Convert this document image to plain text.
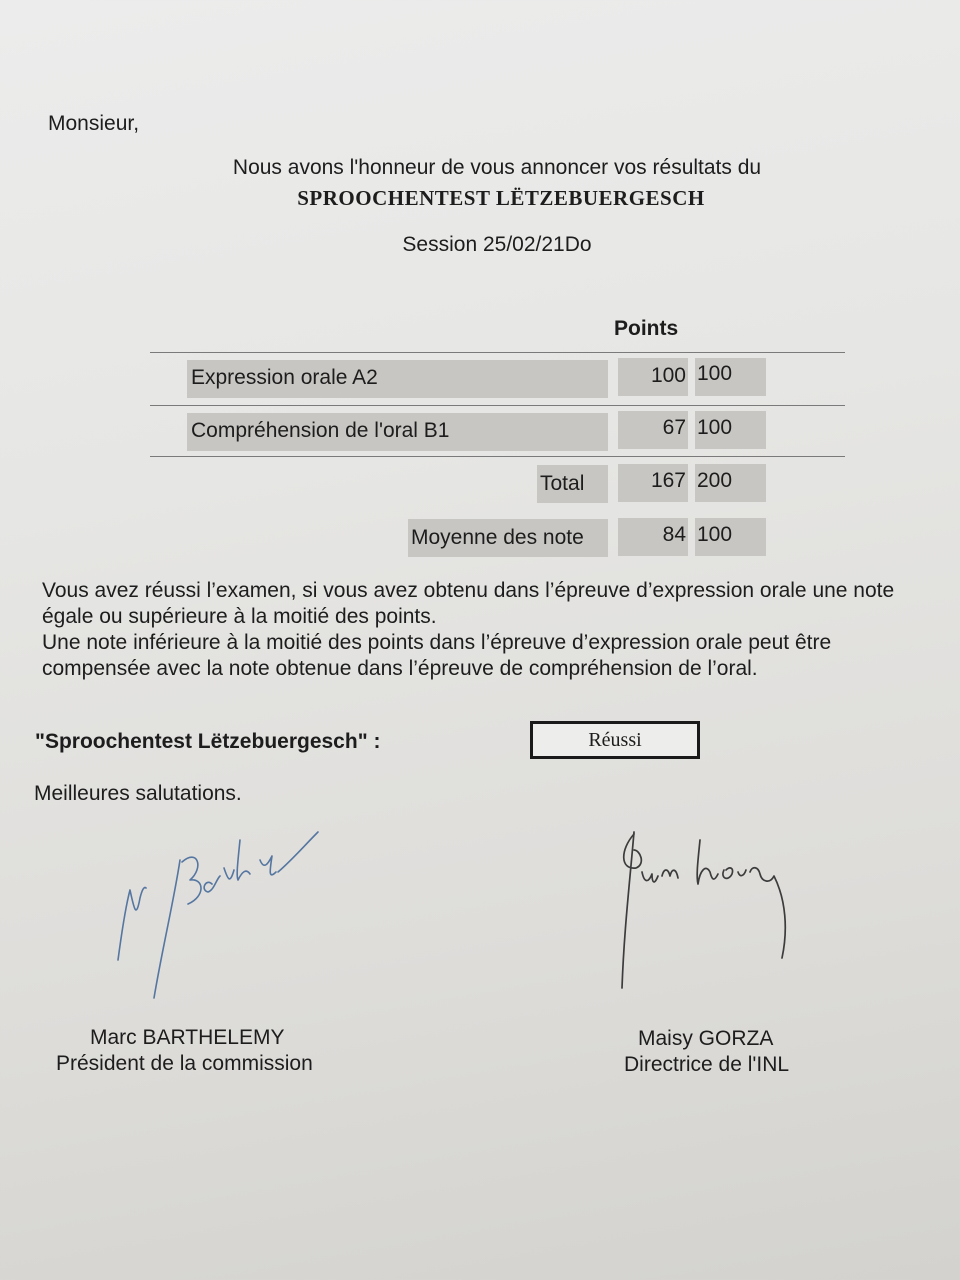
Monsieur,
Nous avons l'honneur de vous annoncer vos résultats du
SPROOCHENTEST LËTZEBUERGESCH
Session 25/02/21Do
Points
Expression orale A2	100 100
Compréhension de l'oral B1	67 100
Total	167 200
Moyenne des note	84 100
Vous avez réussi l’examen, si vous avez obtenu dans l’épreuve d’expression orale une note
égale ou supérieure à la moitié des points.
Une note inférieure à la moitié des points dans l’épreuve d’expression orale peut être
compensée avec la note obtenue dans l’épreuve de compréhension de l’oral.
"Sproochentest Lëtzebuergesch" :	Réussi
Meilleures salutations.
Marc BARTHELEMY
Président de la commission
Maisy GORZA
Directrice de l'INL
